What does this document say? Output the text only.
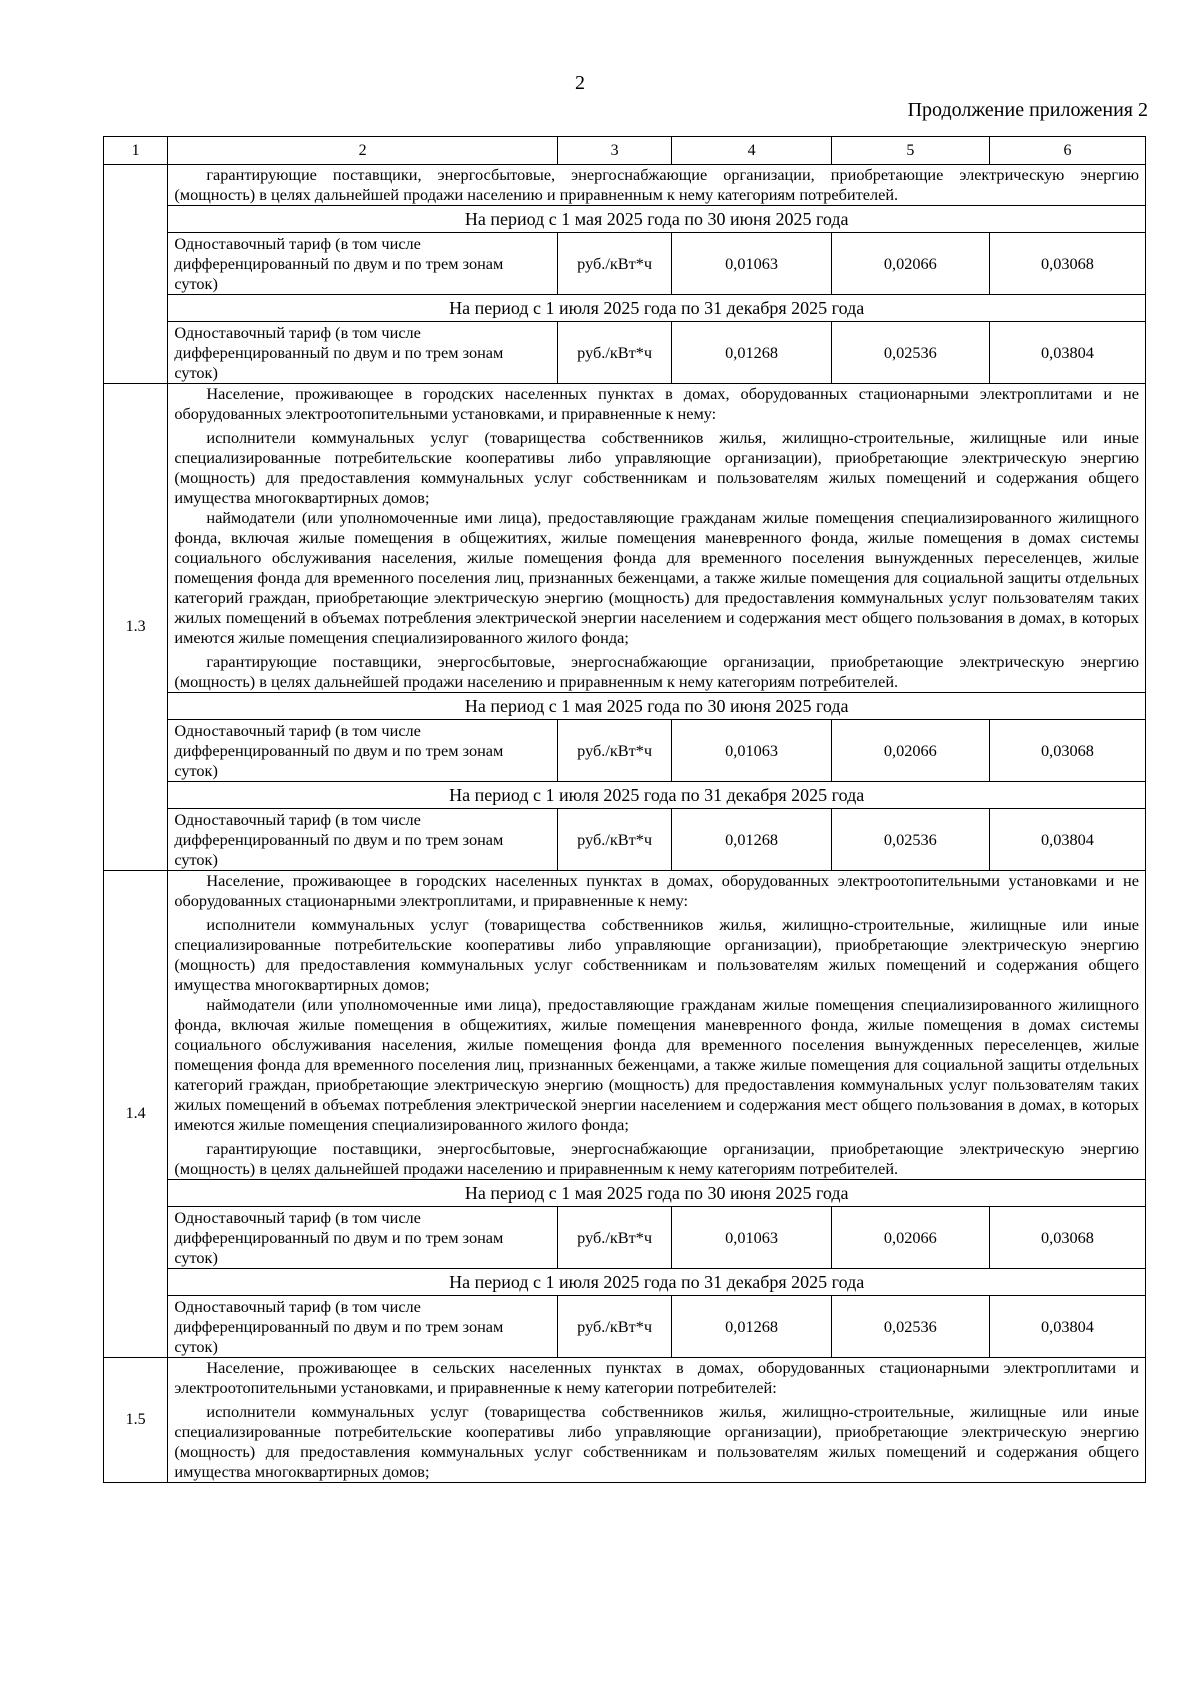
2
Продолжение приложения 2
1	2	3	4	5	6

	гарантирующие поставщики, энергосбытовые, энергоснабжающие организации, приобретающие электрическую энергию (мощность) в целях дальнейшей продажи населению и приравненным к нему категориям потребителей.				

	На период с 1 мая 2025 года по 30 июня 2025 года				
	Одноставочный тариф (в том числе дифференцированный по двум и по трем зонам суток)	руб./кВт*ч	0,01063	0,02066	0,03068
	На период с 1 июля 2025 года по 31 декабря 2025 года				
	Одноставочный тариф (в том числе дифференцированный по двум и по трем зонам суток)	руб./кВт*ч	0,01268	0,02536	0,03804
1.3	Население, проживающее в городских населенных пунктах в домах, оборудованных стационарными электроплитами и не оборудованных электроотопительными установками, и приравненные к нему:

исполнители коммунальных услуг (товарищества собственников жилья, жилищно-строительные, жилищные или иные специализированные потребительские кооперативы либо управляющие организации), приобретающие электрическую энергию (мощность) для предоставления коммунальных услуг собственникам и пользователям жилых помещений и содержания общего имущества многоквартирных домов;

наймодатели (или уполномоченные ими лица), предоставляющие гражданам жилые помещения специализированного жилищного фонда, включая жилые помещения в общежитиях, жилые помещения маневренного фонда, жилые помещения в домах системы социального обслуживания населения, жилые помещения фонда для временного поселения вынужденных переселенцев, жилые помещения фонда для временного поселения лиц, признанных беженцами, а также жилые помещения для социальной защиты отдельных категорий граждан, приобретающие электрическую энергию (мощность) для предоставления коммунальных услуг пользователям таких жилых помещений в объемах потребления электрической энергии населением и содержания мест общего пользования в домах, в которых имеются жилые помещения специализированного жилого фонда;

гарантирующие поставщики, энергосбытовые, энергоснабжающие организации, приобретающие электрическую энергию (мощность) в целях дальнейшей продажи населению и приравненным к нему категориям потребителей.				

	На период с 1 мая 2025 года по 30 июня 2025 года				
	Одноставочный тариф (в том числе дифференцированный по двум и по трем зонам суток)	руб./кВт*ч	0,01063	0,02066	0,03068
	На период с 1 июля 2025 года по 31 декабря 2025 года				
	Одноставочный тариф (в том числе дифференцированный по двум и по трем зонам суток)	руб./кВт*ч	0,01268	0,02536	0,03804
1.4	Население, проживающее в городских населенных пунктах в домах, оборудованных электроотопительными установками и не оборудованных стационарными электроплитами, и приравненные к нему:

исполнители коммунальных услуг (товарищества собственников жилья, жилищно-строительные, жилищные или иные специализированные потребительские кооперативы либо управляющие организации), приобретающие электрическую энергию (мощность) для предоставления коммунальных услуг собственникам и пользователям жилых помещений и содержания общего имущества многоквартирных домов;

наймодатели (или уполномоченные ими лица), предоставляющие гражданам жилые помещения специализированного жилищного фонда, включая жилые помещения в общежитиях, жилые помещения маневренного фонда, жилые помещения в домах системы социального обслуживания населения, жилые помещения фонда для временного поселения вынужденных переселенцев, жилые помещения фонда для временного поселения лиц, признанных беженцами, а также жилые помещения для социальной защиты отдельных категорий граждан, приобретающие электрическую энергию (мощность) для предоставления коммунальных услуг пользователям таких жилых помещений в объемах потребления электрической энергии населением и содержания мест общего пользования в домах, в которых имеются жилые помещения специализированного жилого фонда;

гарантирующие поставщики, энергосбытовые, энергоснабжающие организации, приобретающие электрическую энергию (мощность) в целях дальнейшей продажи населению и приравненным к нему категориям потребителей.				

	На период с 1 мая 2025 года по 30 июня 2025 года				
	Одноставочный тариф (в том числе дифференцированный по двум и по трем зонам суток)	руб./кВт*ч	0,01063	0,02066	0,03068
	На период с 1 июля 2025 года по 31 декабря 2025 года				
	Одноставочный тариф (в том числе дифференцированный по двум и по трем зонам суток)	руб./кВт*ч	0,01268	0,02536	0,03804
1.5	Население, проживающее в сельских населенных пунктах в домах, оборудованных стационарными электроплитами и электроотопительными установками, и приравненные к нему категории потребителей:

исполнители коммунальных услуг (товарищества собственников жилья, жилищно-строительные, жилищные или иные специализированные потребительские кооперативы либо управляющие организации), приобретающие электрическую энергию (мощность) для предоставления коммунальных услуг собственникам и пользователям жилых помещений и содержания общего имущества многоквартирных домов;				
